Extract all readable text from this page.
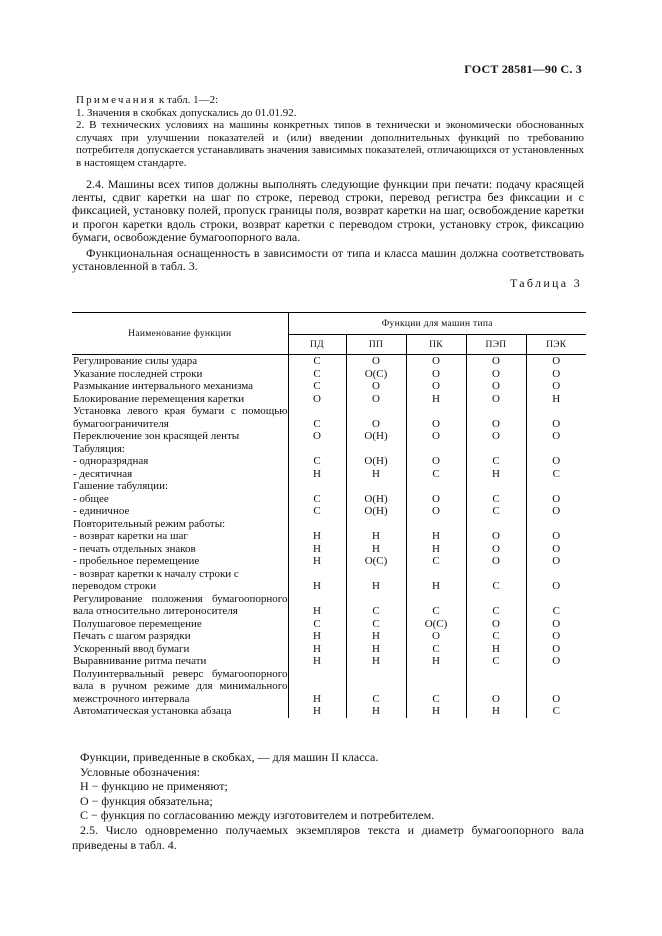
ГОСТ 28581—90 С. 3
Примечания к табл. 1—2:
1. Значения в скобках допускались до 01.01.92.
2. В технических условиях на машины конкретных типов в технически и экономически обоснованных случаях при улучшении показателей и (или) введении дополнительных функций по требованию потребителя допускается устанавливать значения зависимых показателей, отличающихся от установленных в настоящем стандарте.

2.4. Машины всех типов должны выполнять следующие функции при печати: подачу красящей ленты, сдвиг каретки на шаг по строке, перевод строки, перевод регистра без фиксации и с фиксацией, установку полей, пропуск границы поля, возврат каретки на шаг, освобождение каретки и прогон каретки вдоль строки, возврат каретки с переводом строки, установку строк, фиксацию бумаги, освобождение бумагоопорного вала.

Функциональная оснащенность в зависимости от типа и класса машин должна соответствовать установленной в табл. 3.

Таблица 3
Наименование функции	Функции для машин типа				
	ПД	ПП	ПК	ПЭП	ПЭК

Регулирование силы удара	С	О	О	О	О

Указание последней строки	С	О(С)	О	О	О

Размыкание интервального механизма	С	О	О	О	О

Блокирование перемещения каретки	О	О	Н	О	Н

Установка левого края бумаги с помощью бумагоограничителя	С	О	О	О	О

Переключение зон красящей ленты	О	О(Н)	О	О	О

Табуляция:					

- одноразрядная	С	О(Н)	О	С	О

- десятичная	Н	Н	С	Н	С

Гашение табуляции:					

- общее	С	О(Н)	О	С	О

- единичное	С	О(Н)	О	С	О

Повторительный режим работы:					

- возврат каретки на шаг	Н	Н	Н	О	О

- печать отдельных знаков	Н	Н	Н	О	О

- пробельное перемещение	Н	О(С)	С	О	О

- возврат каретки к началу строки с переводом строки	Н	Н	Н	С	О

Регулирование положения бумагоопорного вала относительно литероносителя	Н	С	С	С	С

Полушаговое перемещение	С	С	О(С)	О	О

Печать с шагом разрядки	Н	Н	О	С	О

Ускоренный ввод бумаги	Н	Н	С	Н	О

Выравнивание ритма печати	Н	Н	Н	С	О

Полуинтервальный реверс бумагоопорного вала в ручном режиме для минимального межстрочного интервала	Н	С	С	О	О

Автоматическая установка абзаца	Н	Н	Н	Н	С

Функции, приведенные в скобках, — для машин II класса.

Условные обозначения:

Н − функцию не применяют;

О − функция обязательна;

С − функция по согласованию между изготовителем и потребителем.

2.5. Число одновременно получаемых экземпляров текста и диаметр бумагоопорного вала приведены в табл. 4.
